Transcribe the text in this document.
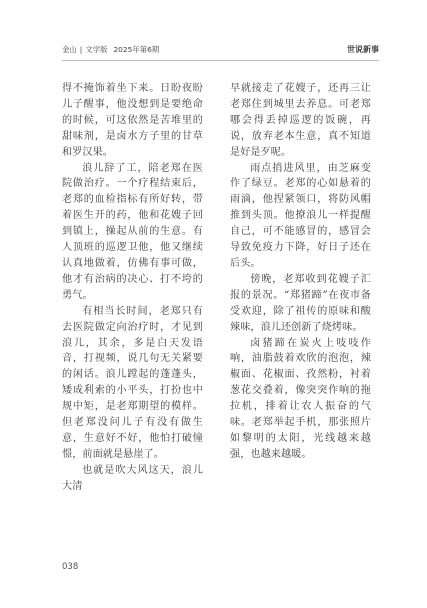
金山 | 文学版 2025年第6期	世说新事

得不掩饰着坐下来。日盼夜盼儿子醒事，他没想到是要绝命的时候，可这依然是苦堆里的甜味剂，是卤水方子里的甘草和罗汉果。

浪儿辞了工，陪老郑在医院做治疗。一个疗程结束后，老郑的血检指标有所好转，带着医生开的药，他和花嫂子回到镇上，操起从前的生意。有人顶班的巡逻卫他，他又继续认真地做着，仿佛有事可做，他才有治病的决心、打不垮的勇气。

有相当长时间，老郑只有去医院做定向治疗时，才见到浪儿，其余，多是白天发语音，打视频，说几句无关紧要的闲话。浪儿蹚起的蓬蓬头，矮成利索的小平头，打扮也中规中矩，是老郑期望的模样。但老郑没问儿子有没有做生意，生意好不好，他怕打破憧憬，前面就是悬崖了。

也就是吹大风这天，浪儿大清

早就接走了花嫂子，还再三让老郑住到城里去养息。可老郑哪会得丢掉巡逻的饭碗，再说，放弃老本生意，真不知道是好是歹呢。

雨点捎进风里，由芝麻变作了绿豆。老郑的心如悬着的雨滴，他捏紧领口，将防风帽推到头顶。他撩浪儿一样提醒自己，可不能感冒的，感冒会导致免疫力下降，好日子还在后头。

傍晚，老郑收到花嫂子汇报的景况。“郑猪蹄”在夜市备受欢迎，除了祖传的原味和酸辣味，浪儿还创新了烧烤味。

卤猪蹄在炭火上吱吱作响，油脂鼓着欢欣的泡泡，辣椒面、花椒面、孜然粉，衬着葱花交叠着，像突突作响的拖拉机，排着让农人振奋的气味。老郑举起手机，那张照片如黎明的太阳，光线越来越强，也越来越暖。

038
